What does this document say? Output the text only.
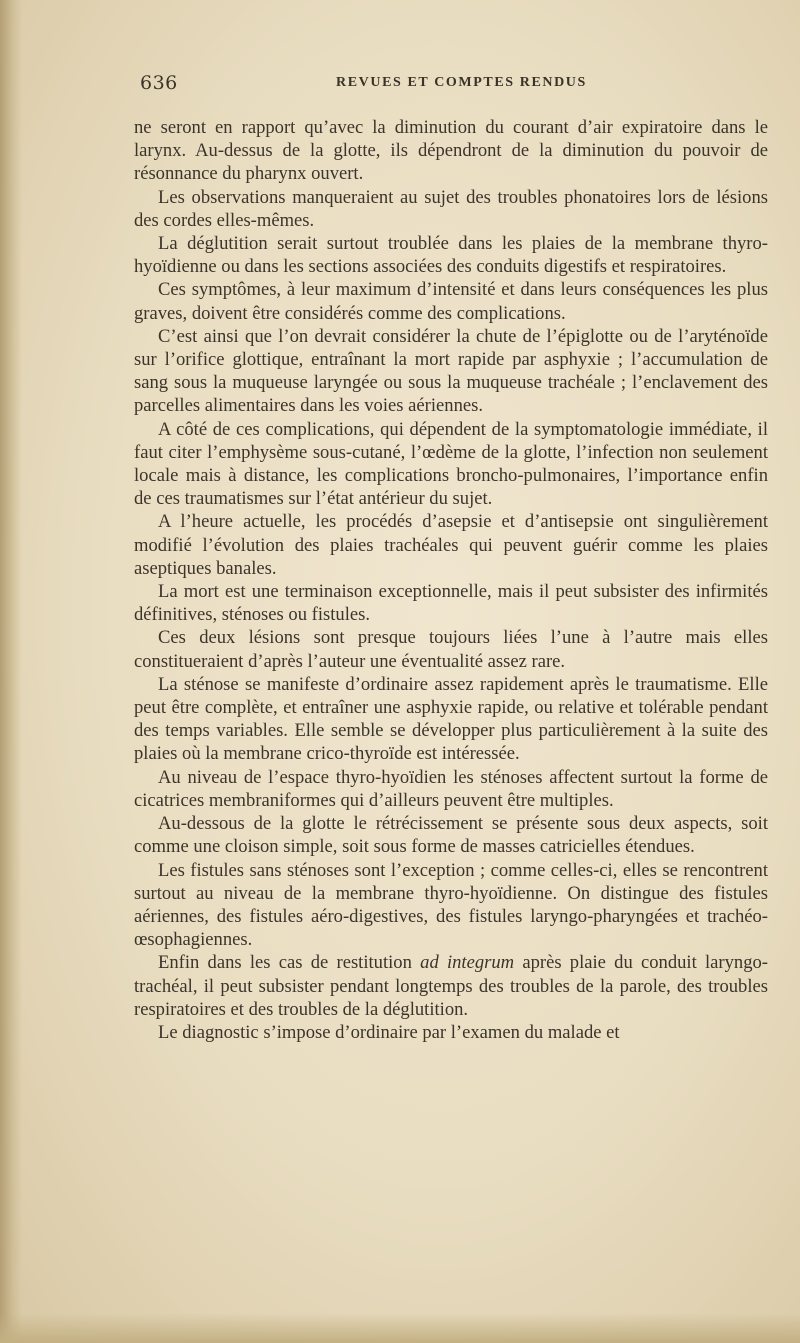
636	REVUES ET COMPTES RENDUS

ne seront en rapport qu’avec la diminution du courant d’air expiratoire dans le larynx. Au-dessus de la glotte, ils dépendront de la diminution du pouvoir de résonnance du pharynx ouvert.

Les observations manqueraient au sujet des troubles phonatoires lors de lésions des cordes elles-mêmes.

La déglutition serait surtout troublée dans les plaies de la membrane thyro-hyoïdienne ou dans les sections associées des conduits digestifs et respiratoires.

Ces symptômes, à leur maximum d’intensité et dans leurs conséquences les plus graves, doivent être considérés comme des complications.

C’est ainsi que l’on devrait considérer la chute de l’épiglotte ou de l’aryténoïde sur l’orifice glottique, entraînant la mort rapide par asphyxie ; l’accumulation de sang sous la muqueuse laryngée ou sous la muqueuse trachéale ; l’enclavement des parcelles alimentaires dans les voies aériennes.

A côté de ces complications, qui dépendent de la symptomatologie immédiate, il faut citer l’emphysème sous-cutané, l’œdème de la glotte, l’infection non seulement locale mais à distance, les complications broncho-pulmonaires, l’importance enfin de ces traumatismes sur l’état antérieur du sujet.

A l’heure actuelle, les procédés d’asepsie et d’antisepsie ont singulièrement modifié l’évolution des plaies trachéales qui peuvent guérir comme les plaies aseptiques banales.

La mort est une terminaison exceptionnelle, mais il peut subsister des infirmités définitives, sténoses ou fistules.

Ces deux lésions sont presque toujours liées l’une à l’autre mais elles constitueraient d’après l’auteur une éventualité assez rare.

La sténose se manifeste d’ordinaire assez rapidement après le traumatisme. Elle peut être complète, et entraîner une asphyxie rapide, ou relative et tolérable pendant des temps variables. Elle semble se développer plus particulièrement à la suite des plaies où la membrane crico-thyroïde est intéressée.

Au niveau de l’espace thyro-hyoïdien les sténoses affectent surtout la forme de cicatrices membraniformes qui d’ailleurs peuvent être multiples.

Au-dessous de la glotte le rétrécissement se présente sous deux aspects, soit comme une cloison simple, soit sous forme de masses catricielles étendues.

Les fistules sans sténoses sont l’exception ; comme celles-ci, elles se rencontrent surtout au niveau de la membrane thyro-hyoïdienne. On distingue des fistules aériennes, des fistules aéro-digestives, des fistules laryngo-pharyngées et trachéo-œsophagiennes.

Enfin dans les cas de restitution ad integrum après plaie du conduit laryngo-trachéal, il peut subsister pendant longtemps des troubles de la parole, des troubles respiratoires et des troubles de la déglutition.

Le diagnostic s’impose d’ordinaire par l’examen du malade et
